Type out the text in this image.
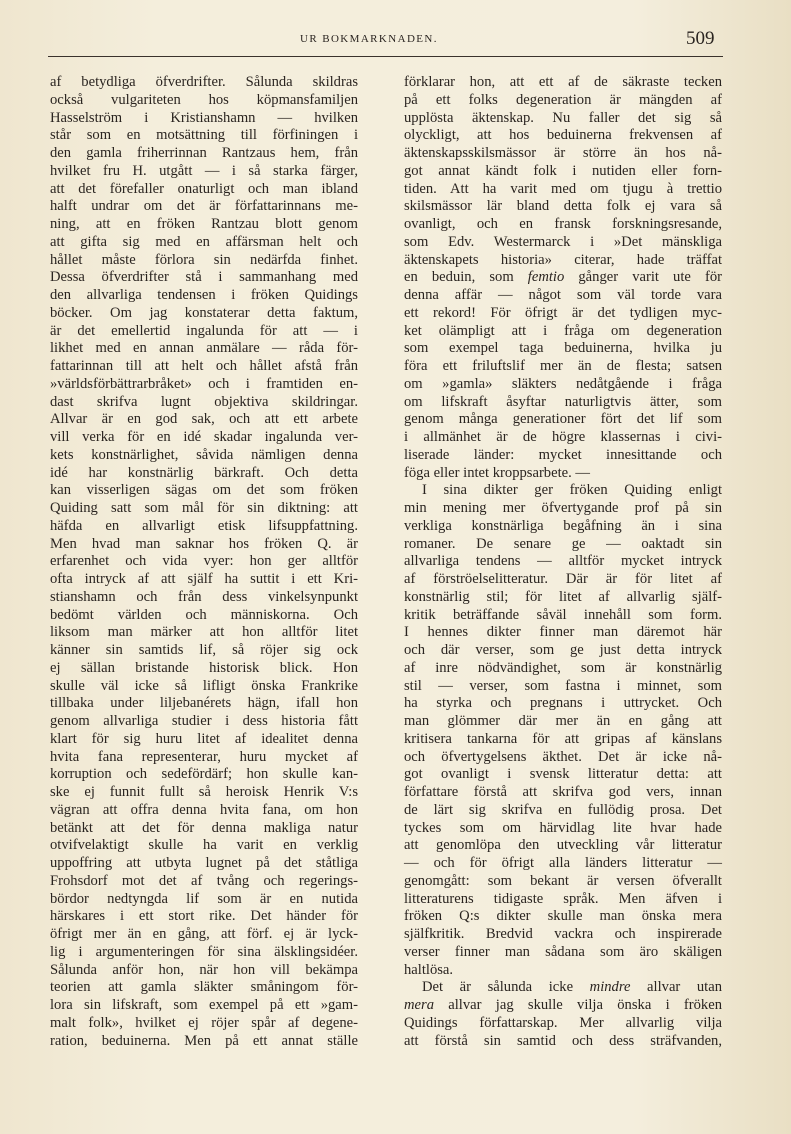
UR BOKMARKNADEN.	509
af betydliga öfverdrifter. Sålunda skildras
också vulgariteten hos köpmansfamiljen
Hasselström i Kristianshamn — hvilken
står som en motsättning till förfiningen i
den gamla friherrinnan Rantzaus hem, från
hvilket fru H. utgått — i så starka färger,
att det förefaller onaturligt och man ibland
halft undrar om det är författarinnans me-
ning, att en fröken Rantzau blott genom
att gifta sig med en affärsman helt och
hållet måste förlora sin nedärfda finhet.
Dessa öfverdrifter stå i sammanhang med
den allvarliga tendensen i fröken Quidings
böcker. Om jag konstaterar detta faktum,
är det emellertid ingalunda för att — i
likhet med en annan anmälare — råda för-
fattarinnan till att helt och hållet afstå från
»världsförbättrarbråket» och i framtiden en-
dast skrifva lugnt objektiva skildringar.
Allvar är en god sak, och att ett arbete
vill verka för en idé skadar ingalunda ver-
kets konstnärlighet, såvida nämligen denna
idé har konstnärlig bärkraft. Och detta
kan visserligen sägas om det som fröken
Quiding satt som mål för sin diktning: att
häfda en allvarligt etisk lifsuppfattning.
Men hvad man saknar hos fröken Q. är
erfarenhet och vida vyer: hon ger alltför
ofta intryck af att själf ha suttit i ett Kri-
stianshamn och från dess vinkelsynpunkt
bedömt världen och människorna. Och
liksom man märker att hon alltför litet
känner sin samtids lif, så röjer sig ock
ej sällan bristande historisk blick. Hon
skulle väl icke så lifligt önska Frankrike
tillbaka under liljebanérets hägn, ifall hon
genom allvarliga studier i dess historia fått
klart för sig huru litet af idealitet denna
hvita fana representerar, huru mycket af
korruption och sedefördärf; hon skulle kan-
ske ej funnit fullt så heroisk Henrik V:s
vägran att offra denna hvita fana, om hon
betänkt att det för denna makliga natur
otvifvelaktigt skulle ha varit en verklig
uppoffring att utbyta lugnet på det ståtliga
Frohsdorf mot det af tvång och regerings-
bördor nedtyngda lif som är en nutida
härskares i ett stort rike. Det händer för
öfrigt mer än en gång, att förf. ej är lyck-
lig i argumenteringen för sina älsklingsidéer.
Sålunda anför hon, när hon vill bekämpa
teorien att gamla släkter småningom för-
lora sin lifskraft, som exempel på ett »gam-
malt folk», hvilket ej röjer spår af degene-
ration, beduinerna. Men på ett annat ställe
förklarar hon, att ett af de säkraste tecken
på ett folks degeneration är mängden af
upplösta äktenskap. Nu faller det sig så
olyckligt, att hos beduinerna frekvensen af
äktenskapsskilsmässor är större än hos nå-
got annat kändt folk i nutiden eller forn-
tiden. Att ha varit med om tjugu à trettio
skilsmässor lär bland detta folk ej vara så
ovanligt, och en fransk forskningsresande,
som Edv. Westermarck i »Det mänskliga
äktenskapets historia» citerar, hade träffat
en beduin, som femtio gånger varit ute för
denna affär — något som väl torde vara
ett rekord! För öfrigt är det tydligen myc-
ket olämpligt att i fråga om degeneration
som exempel taga beduinerna, hvilka ju
föra ett friluftslif mer än de flesta; satsen
om »gamla» släkters nedåtgående i fråga
om lifskraft åsyftar naturligtvis ätter, som
genom många generationer fört det lif som
i allmänhet är de högre klassernas i civi-
liserade länder: mycket innesittande och
föga eller intet kroppsarbete. —
I sina dikter ger fröken Quiding enligt
min mening mer öfvertygande prof på sin
verkliga konstnärliga begåfning än i sina
romaner. De senare ge — oaktadt sin
allvarliga tendens — alltför mycket intryck
af förströelselitteratur. Där är för litet af
konstnärlig stil; för litet af allvarlig själf-
kritik beträffande såväl innehåll som form.
I hennes dikter finner man däremot här
och där verser, som ge just detta intryck
af inre nödvändighet, som är konstnärlig
stil — verser, som fastna i minnet, som
ha styrka och pregnans i uttrycket. Och
man glömmer där mer än en gång att
kritisera tankarna för att gripas af känslans
och öfvertygelsens äkthet. Det är icke nå-
got ovanligt i svensk litteratur detta: att
författare förstå att skrifva god vers, innan
de lärt sig skrifva en fullödig prosa. Det
tyckes som om härvidlag lite hvar hade
att genomlöpa den utveckling vår litteratur
— och för öfrigt alla länders litteratur —
genomgått: som bekant är versen öfverallt
litteraturens tidigaste språk. Men äfven i
fröken Q:s dikter skulle man önska mera
själfkritik. Bredvid vackra och inspirerade
verser finner man sådana som äro skäligen
haltlösa.
Det är sålunda icke mindre allvar utan
mera allvar jag skulle vilja önska i fröken
Quidings författarskap. Mer allvarlig vilja
att förstå sin samtid och dess sträfvanden,
